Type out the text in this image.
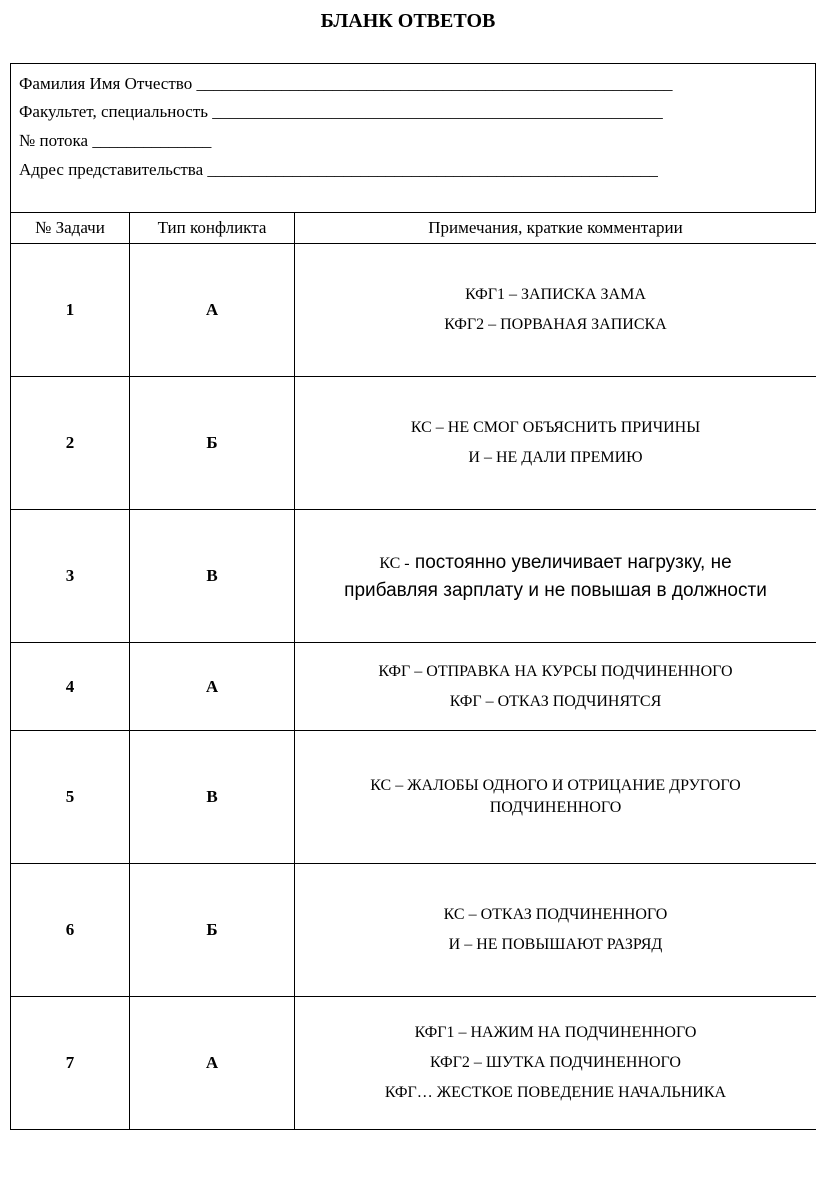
БЛАНК ОТВЕТОВ
Фамилия Имя Отчество ________________________________________________________
Факультет, специальность _____________________________________________________
№ потока ______________
Адрес представительства _____________________________________________________
№ Задачи	Тип конфликта	Примечания, краткие комментарии
1	А	КФГ1 – ЗАПИСКА ЗАМА
КФГ2 – ПОРВАНАЯ ЗАПИСКА

2	Б	КС – НЕ СМОГ ОБЪЯСНИТЬ ПРИЧИНЫ
И – НЕ ДАЛИ ПРЕМИЮ

3	В	КС - постоянно увеличивает нагрузку, не прибавляя зарплату и не повышая в должности
4	А	КФГ – ОТПРАВКА НА КУРСЫ ПОДЧИНЕННОГО
КФГ – ОТКАЗ ПОДЧИНЯТСЯ

5	В	КС – ЖАЛОБЫ ОДНОГО И ОТРИЦАНИЕ ДРУГОГО ПОДЧИНЕННОГО
6	Б	КС – ОТКАЗ ПОДЧИНЕННОГО
И – НЕ ПОВЫШАЮТ РАЗРЯД

7	А	КФГ1 – НАЖИМ НА ПОДЧИНЕННОГО
КФГ2 – ШУТКА ПОДЧИНЕННОГО
КФГ… ЖЕСТКОЕ ПОВЕДЕНИЕ НАЧАЛЬНИКА
